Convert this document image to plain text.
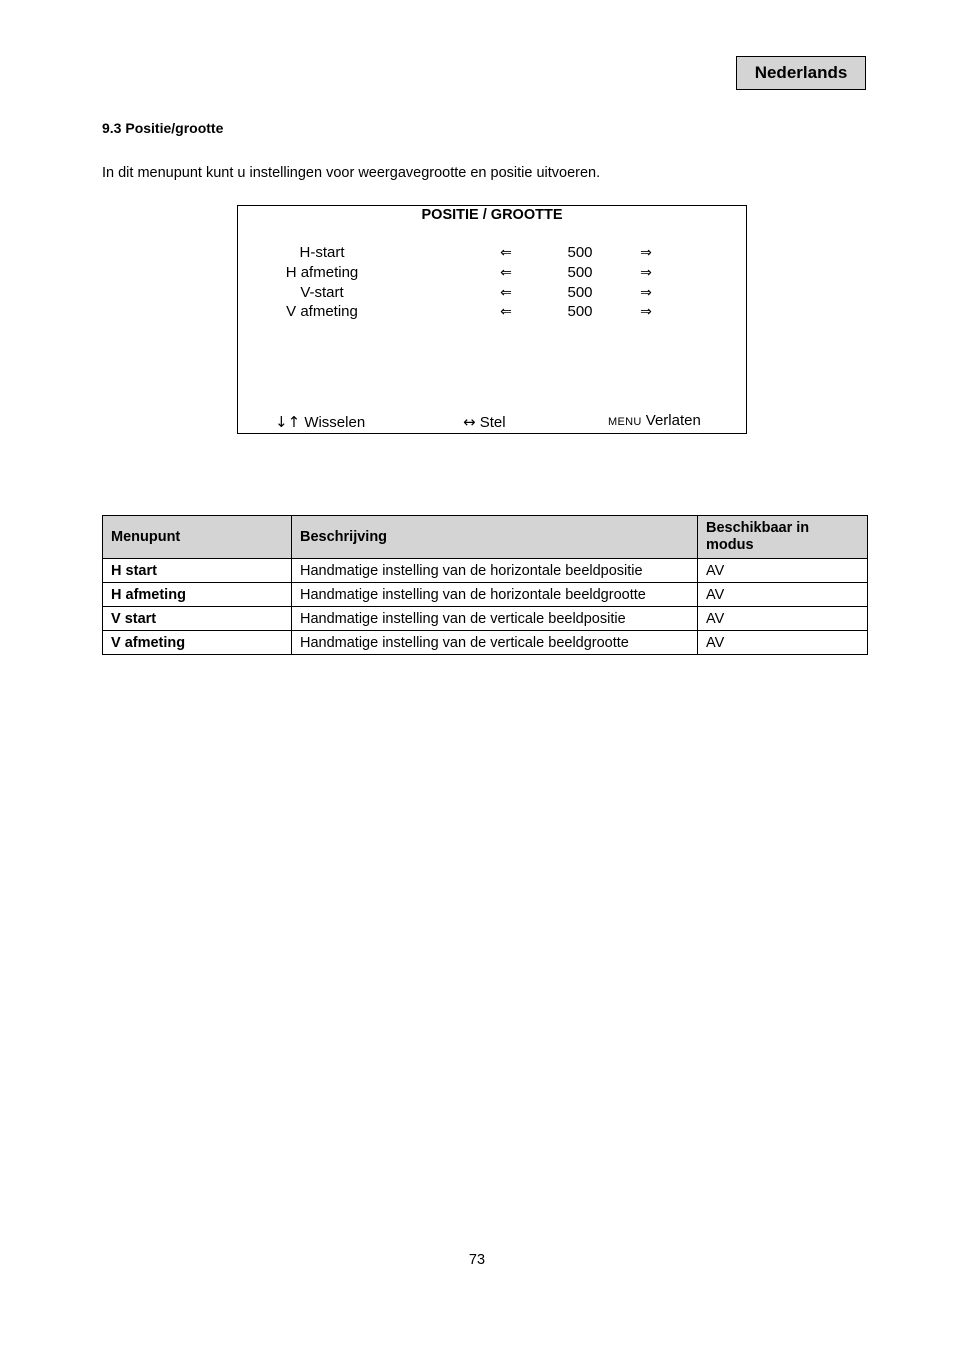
Nederlands
9.3 Positie/grootte
In dit menupunt kunt u instellingen voor weergavegrootte en positie uitvoeren.
POSITIE / GROOTTE
H-start	⇐	500	⇒
H afmeting	⇐	500	⇒
V-start	⇐	500	⇒
V afmeting	⇐	500	⇒
↓↑ Wisselen	↔ Stel	MENU Verlaten
Menupunt	Beschrijving	Beschikbaar in modus
H start	Handmatige instelling van de horizontale beeldpositie	AV
H afmeting	Handmatige instelling van de horizontale beeldgrootte	AV
V start	Handmatige instelling van de verticale beeldpositie	AV
V afmeting	Handmatige instelling van de verticale beeldgrootte	AV
73
